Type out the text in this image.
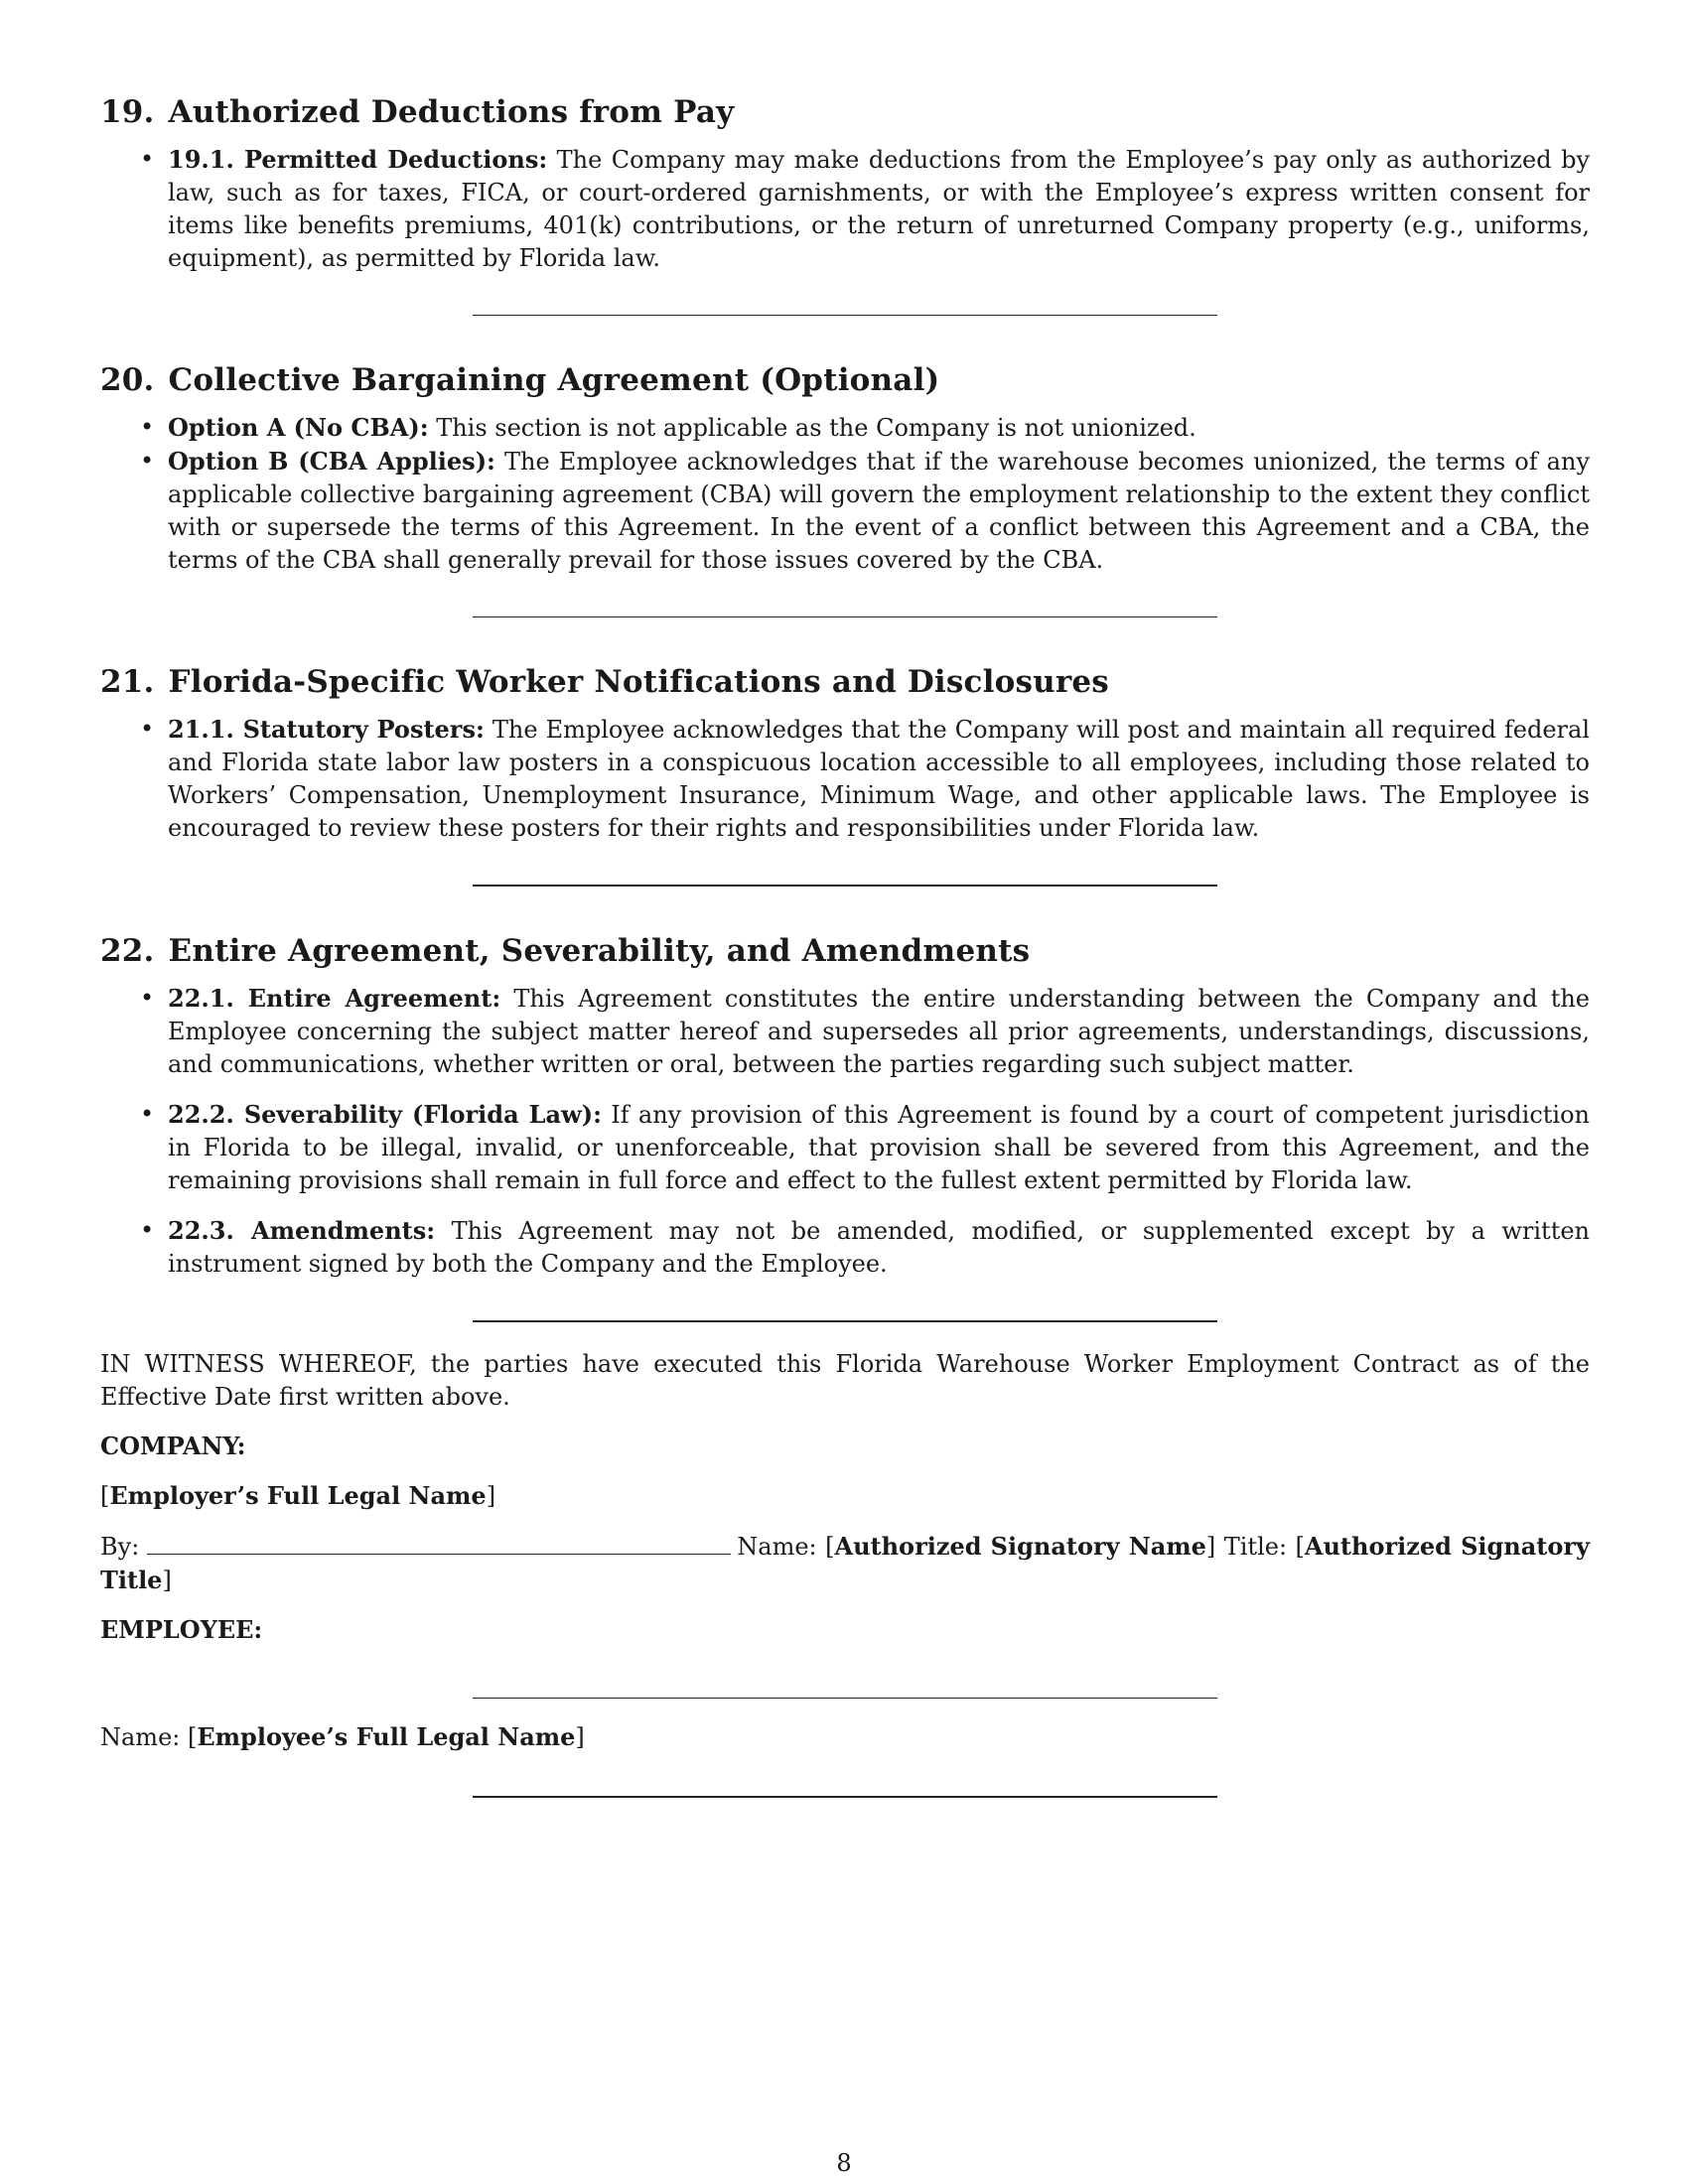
19. Authorized Deductions from Pay
• 19.1. Permitted Deductions: The Company may make deductions from the Employee’s pay only as authorized by law, such as for taxes, FICA, or court-ordered garnishments, or with the Employee’s express written consent for items like benefits premiums, 401(k) contributions, or the return of unreturned Company property (e.g., uniforms, equipment), as permitted by Florida law.
20. Collective Bargaining Agreement (Optional)
• Option A (No CBA): This section is not applicable as the Company is not unionized.
• Option B (CBA Applies): The Employee acknowledges that if the warehouse becomes unionized, the terms of any applicable collective bargaining agreement (CBA) will govern the employment relationship to the extent they conflict with or supersede the terms of this Agreement. In the event of a conflict between this Agreement and a CBA, the terms of the CBA shall generally prevail for those issues covered by the CBA.
21. Florida-Specific Worker Notifications and Disclosures
• 21.1. Statutory Posters: The Employee acknowledges that the Company will post and maintain all required federal and Florida state labor law posters in a conspicuous location accessible to all employees, including those related to Workers’ Compensation, Unemployment Insurance, Minimum Wage, and other applicable laws. The Employee is encouraged to review these posters for their rights and responsibilities under Florida law.
22. Entire Agreement, Severability, and Amendments
• 22.1. Entire Agreement: This Agreement constitutes the entire understanding between the Company and the Employee concerning the subject matter hereof and supersedes all prior agreements, understandings, discussions, and communications, whether written or oral, between the parties regarding such subject matter.
• 22.2. Severability (Florida Law): If any provision of this Agreement is found by a court of competent jurisdiction in Florida to be illegal, invalid, or unenforceable, that provision shall be severed from this Agreement, and the remaining provisions shall remain in full force and effect to the fullest extent permitted by Florida law.
• 22.3. Amendments: This Agreement may not be amended, modified, or supplemented except by a written instrument signed by both the Company and the Employee.

IN WITNESS WHEREOF, the parties have executed this Florida Warehouse Worker Employment Contract as of the Effective Date first written above.

COMPANY:

[Employer’s Full Legal Name]

By:	Name: [Authorized Signatory Name] Title: [Authorized Signatory Title]

EMPLOYEE:

Name: [Employee’s Full Legal Name]

8
